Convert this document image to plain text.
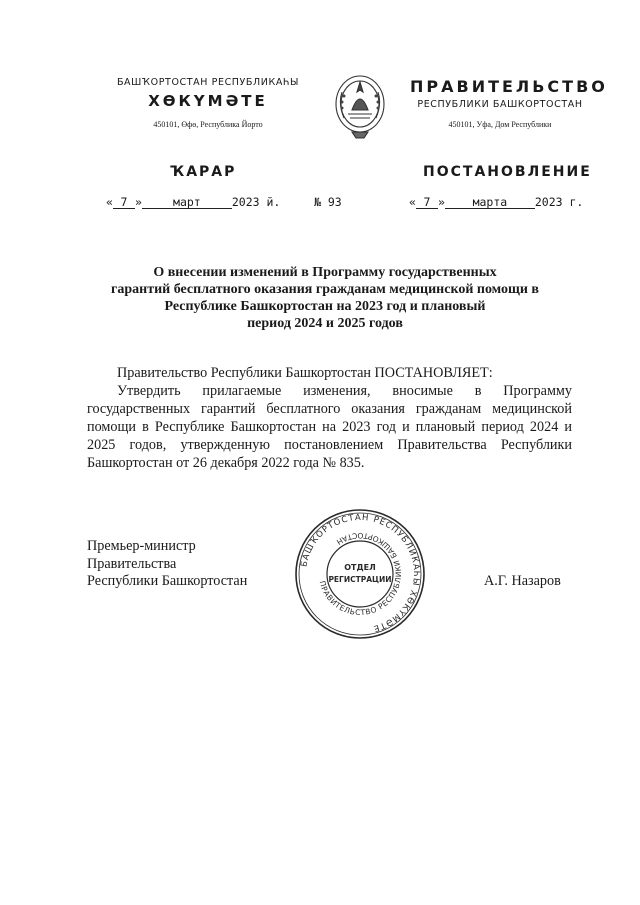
БАШҠОРТОСТАН РЕСПУБЛИКАҺЫ
ХӨКҮМӘТЕ
450101, Өфө, Республика Йорто
ПРАВИТЕЛЬСТВО
РЕСПУБЛИКИ БАШКОРТОСТАН
450101, Уфа, Дом Республики
ҠАРАР	ПОСТАНОВЛЕНИЕ
« 7 »	март	2023 й.	№ 93	« 7 » марта 2023 г.
О внесении изменений в Программу государственных
гарантий бесплатного оказания гражданам медицинской помощи в
Республике Башкортостан на 2023 год и плановый
период 2024 и 2025 годов
Правительство Республики Башкортостан ПОСТАНОВЛЯЕТ:
Утвердить прилагаемые изменения, вносимые в Программу государственных гарантий бесплатного оказания гражданам медицинской помощи в Республике Башкортостан на 2023 год и плановый период 2024 и 2025 годов, утвержденную постановлением Правительства Республики Башкортостан от 26 декабря 2022 года № 835.
Премьер-министр
Правительства
Республики Башкортостан	А.Г. Назаров
БАШҠОРТОСТАН РЕСПУБЛИКАҺЫ ХӨКҮМӘТЕ
ПРАВИТЕЛЬСТВО РЕСПУБЛИКИ БАШКОРТОСТАН
ОТДЕЛ
РЕГИСТРАЦИИ
